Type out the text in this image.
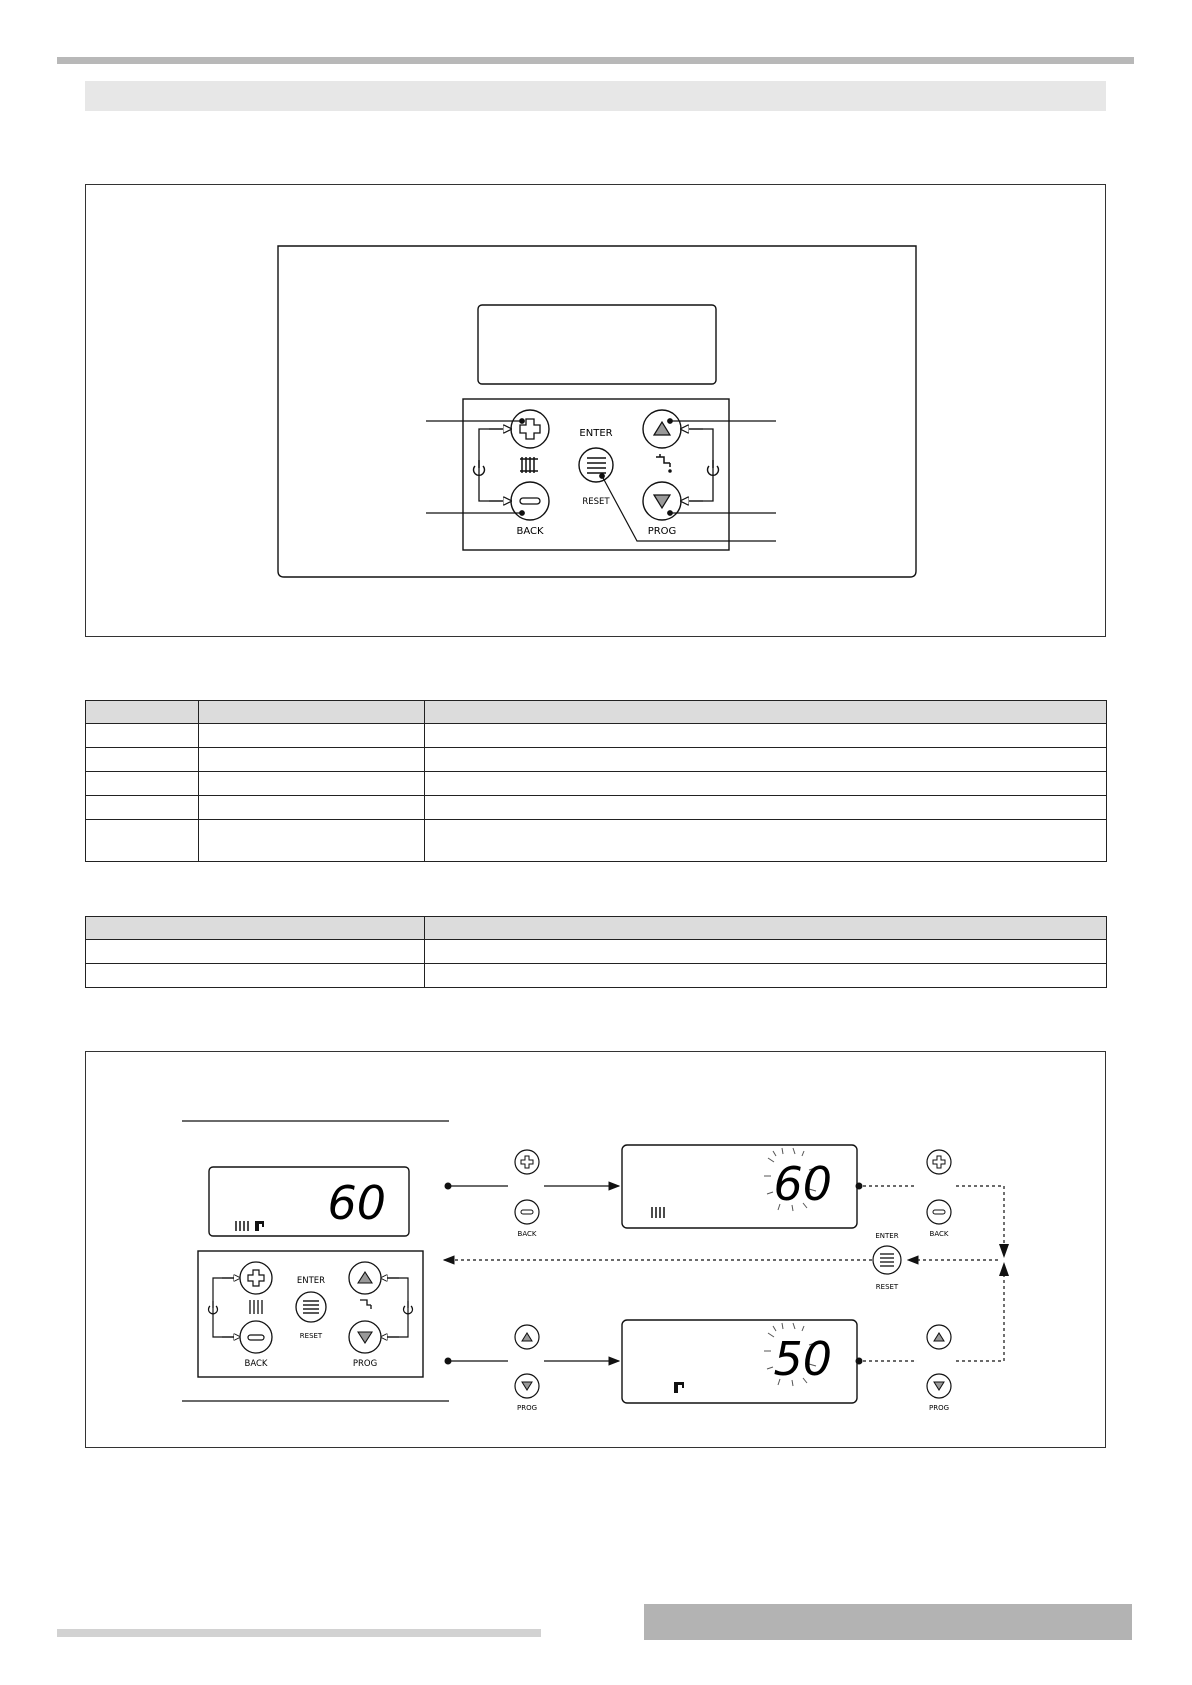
ENTER
RESET
BACK	PROG

60
ENTER
RESET
BACK	PROG
BACK
60
BACK
PROG
50
PROG
ENTER
RESET
